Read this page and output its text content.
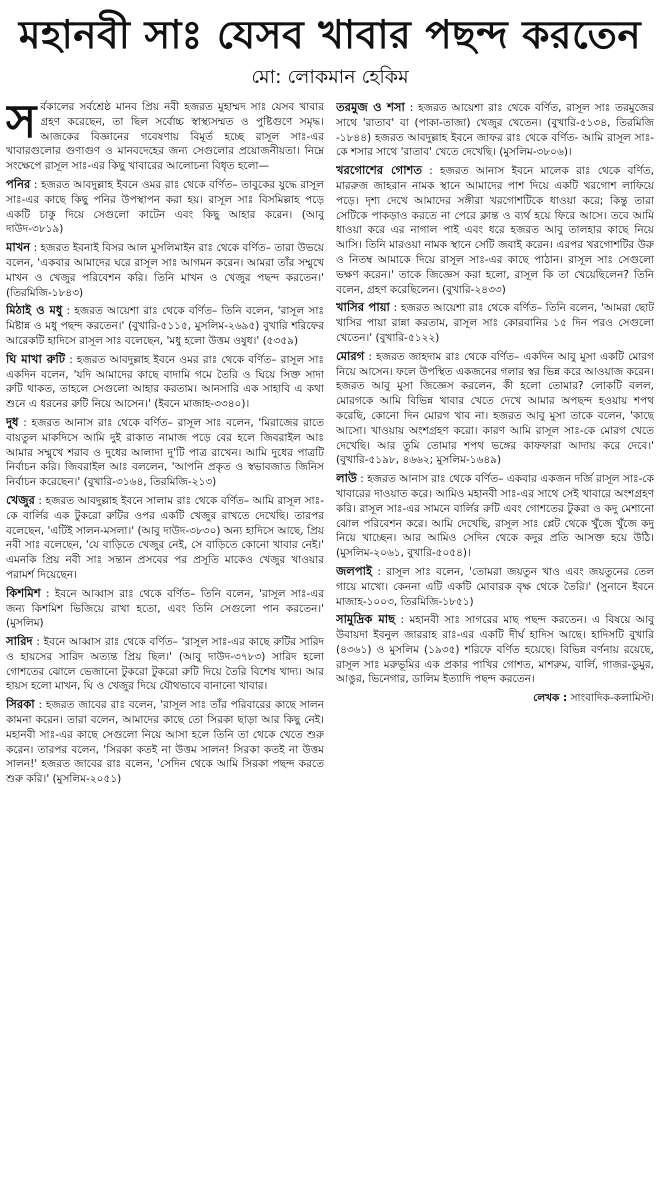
মহানবী সাঃ যেসব খাবার পছন্দ করতেন
মো: লোকমান হেকিম

সর্বকালের সর্বশ্রেষ্ঠ মানব প্রিয় নবী হজরত মুহাম্মদ সাঃ যেসব খাবার গ্রহণ করেছেন, তা ছিল সর্বোচ্চ স্বাস্থ্যসম্মত ও পুষ্টিগুণে সমৃদ্ধ। আজকের বিজ্ঞানের গবেষণায় বিমূর্ত হচ্ছে রাসূল সাঃ-এর খাবারগুলোর গুণাগুণ ও মানবদেহের জন্য সেগুলোর প্রয়োজনীয়তা। নিম্নে সংক্ষেপে রাসূল সাঃ-এর কিছু খাবারের আলোচনা বিধৃত হলো—

পনির : হজরত আবদুল্লাহ ইবনে ওমর রাঃ থেকে বর্ণিত– তাবুকের যুদ্ধে রাসূল সাঃ-এর কাছে কিছু পনির উপস্থাপন করা হয়। রাসূল সাঃ বিসমিল্লাহ পড়ে একটি চাকু দিয়ে সেগুলো কাটেন এবং কিছু আহার করেন। (আবু দাউদ-৩৮১৯)

মাখন : হজরত ইবনাই বিসর আল মুসলিমাইন রাঃ থেকে বর্ণিত– তারা উভয়ে বলেন, 'একবার আমাদের ঘরে রাসূল সাঃ আগমন করেন। আমরা তাঁর সম্মুখে মাখন ও খেজুর পরিবেশন করি। তিনি মাখন ও খেজুর পছন্দ করতেন।' (তিরমিজি-১৮৪৩)

মিঠাই ও মধু : হজরত আয়েশা রাঃ থেকে বর্ণিত– তিনি বলেন, 'রাসূল সাঃ মিষ্টান্ন ও মধু পছন্দ করতেন।' (বুখারি-৫১১৫, মুসলিম-২৬৯৫) বুখারি শরিফের আরেকটি হাদিসে রাসূল সাঃ বলেছেন, 'মধু হলো উত্তম ওষুধ।' (৫৩৫৯)

ঘি মাখা রুটি : হজরত আবদুল্লাহ ইবনে ওমর রাঃ থেকে বর্ণিত– রাসূল সাঃ একদিন বলেন, 'যদি আমাদের কাছে বাদামি গমে তৈরি ও ঘিয়ে সিক্ত সাদা রুটি থাকত, তাহলে সেগুলো আহার করতাম। আনসারি এক সাহাবি এ কথা শুনে এ ধরনের রুটি নিয়ে আসেন।' (ইবনে মাজাহ-৩৩৪০)।

দুধ : হজরত আনাস রাঃ থেকে বর্ণিত– রাসূল সাঃ বলেন, 'মিরাজের রাতে বায়তুল মাকদিসে আমি দুই রাকাত নামাজ পড়ে বের হলে জিবরাইল আঃ আমার সম্মুখে শরাব ও দুধের আলাদা দু'টি পাত্র রাখেন। আমি দুধের পাত্রটি নির্বাচন করি। জিবরাইল আঃ বললেন, 'আপনি প্রকৃত ও স্বভাবজাত জিনিস নির্বাচন করেছেন।' (বুখারি-৩১৬৪, তিরমিজি-২১৩)

খেজুর : হজরত আবদুল্লাহ ইবনে সালাম রাঃ থেকে বর্ণিত– আমি রাসূল সাঃ-কে বার্লির এক টুকরো রুটির ওপর একটি খেজুর রাখতে দেখেছি। তারপর বলেছেন, 'এটিই সালন-মসলা।' (আবু দাউদ-৩৮৩০) অন্য হাদিসে আছে, প্রিয় নবী সাঃ বলেছেন, 'যে বাড়িতে খেজুর নেই, সে বাড়িতে কোনো খাবার নেই।' এমনকি প্রিয় নবী সাঃ সন্তান প্রসবের পর প্রসূতি মাকেও খেজুর খাওয়ার পরামর্শ দিয়েছেন।

কিশমিশ : ইবনে আব্বাস রাঃ থেকে বর্ণিত– তিনি বলেন, 'রাসূল সাঃ-এর জন্য কিশমিশ ভিজিয়ে রাখা হতো, এবং তিনি সেগুলো পান করতেন।' (মুসলিম)

সারিদ : ইবনে আব্বাস রাঃ থেকে বর্ণিত– 'রাসূল সাঃ-এর কাছে রুটির সারিদ ও হায়সের সারিদ অত্যন্ত প্রিয় ছিল।' (আবু দাউদ-৩৭৮৩) সারিদ হলো গোশতের ঝোলে ভেজানো টুকরো টুকরো রুটি দিয়ে তৈরি বিশেষ খাদ্য। আর হায়স হলো মাখন, ঘি ও খেজুর দিয়ে যৌথভাবে বানানো খাবার।

সিরকা : হজরত জাবের রাঃ বলেন, 'রাসূল সাঃ তাঁর পরিবারের কাছে সালন কামনা করেন। তারা বলেন, আমাদের কাছে তো সিরকা ছাড়া আর কিছু নেই। মহানবী সাঃ-এর কাছে সেগুলো নিয়ে আসা হলে তিনি তা থেকে খেতে শুরু করেন। তারপর বলেন, 'সিরকা কতই না উত্তম সালন! সিরকা কতই না উত্তম সালন!' হজরত জাবের রাঃ বলেন, 'সেদিন থেকে আমি সিরকা পছন্দ করতে শুরু করি।' (মুসলিম-২০৫১)

তরমুজ ও শসা : হজরত আয়েশা রাঃ থেকে বর্ণিত, রাসূল সাঃ তরমুজের সাথে 'রাতাব' বা (পাকা-তাজা) খেজুর খেতেন। (বুখারি-৫১৩৪, তিরমিজি -১৮৪৪) হজরত আবদুল্লাহ ইবনে জাফর রাঃ থেকে বর্ণিত- আমি রাসূল সাঃ-কে শসার সাথে 'রাতাব' খেতে দেখেছি। (মুসলিম-৩৮০৬)।

খরগোশের গোশত : হজরত আনাস ইবনে মালেক রাঃ থেকে বর্ণিত, মাররুজ জাহরান নামক স্থানে আমাদের পাশ দিয়ে একটি খরগোশ লাফিয়ে পড়ে। দৃশ্য দেখে আমাদের সঙ্গীরা খরগোশটিকে ধাওয়া করে; কিন্তু তারা সেটিকে পাকড়াও করতে না পেরে ক্লান্ত ও ব্যর্থ হয়ে ফিরে আসে। তবে আমি ধাওয়া করে এর নাগাল পাই এবং ধরে হজরত আবু তালহার কাছে নিয়ে আসি। তিনি মারওয়া নামক স্থানে সেটি জবাই করেন। এরপর খরগোশটির উরু ও নিতম্ব আমাকে দিয়ে রাসূল সাঃ-এর কাছে পাঠান। রাসূল সাঃ সেগুলো ভক্ষণ করেন।' তাকে জিজ্ঞেস করা হলো, রাসূল কি তা খেয়েছিলেন? তিনি বলেন, গ্রহণ করেছিলেন। (বুখারি-২৪৩৩)

খাসির পায়া : হজরত আয়েশা রাঃ থেকে বর্ণিত– তিনি বলেন, 'আমরা ছোট খাসির পায়া রান্না করতাম, রাসূল সাঃ কোরবানির ১৫ দিন পরও সেগুলো খেতেন।' (বুখারি-৫১২২)

মোরগ : হজরত জাহদাম রাঃ থেকে বর্ণিত– একদিন আবু মুসা একটি মোরগ নিয়ে আসেন। ফলে উপস্থিত একজনের গলার স্বর ভিন্ন করে আওয়াজ করেন। হজরত আবু মুসা জিজ্ঞেস করলেন, কী হলো তোমার? লোকটি বলল, মোরগকে আমি বিভিন্ন খাবার খেতে দেখে আমার অপছন্দ হওয়ায় শপথ করেছি, কোনো দিন মোরগ খাব না। হজরত আবু মুসা তাকে বলেন, 'কাছে আসো। খাওয়ায় অংশগ্রহণ করো। কারণ আমি রাসূল সাঃ-কে মোরগ খেতে দেখেছি। আর তুমি তোমার শপথ ভঙ্গের কাফফারা আদায় করে দেবে।' (বুখারি-৫১৯৮, ৪৬৬২; মুসলিম-১৬৪৯)

লাউ : হজরত আনাস রাঃ থেকে বর্ণিত– একবার একজন দর্জি রাসূল সাঃ-কে খাবারের দাওয়াত করে। আমিও মহানবী সাঃ-এর সাথে সেই খাবারে অংশগ্রহণ করি। রাসূল সাঃ-এর সামনে বার্লির রুটি এবং গোশতের টুকরা ও কদু মেশানো ঝোল পরিবেশন করে। আমি দেখেছি, রাসূল সাঃ প্লেট থেকে খুঁজে খুঁজে কদু নিয়ে খাচ্ছেন। আর আমিও সেদিন থেকে কদুর প্রতি আসক্ত হয়ে উঠি। (মুসলিম-২০৬১, বুখারি-৫০৫৪)।

জলপাই : রাসূল সাঃ বলেন, 'তোমরা জয়তুন খাও এবং জয়তুনের তেল গায়ে মাখো। কেননা এটি একটি মোবারক বৃক্ষ থেকে তৈরি।' (সুনানে ইবনে মাজাহ-১০০৩, তিরমিজি-১৮৫১)

সামুদ্রিক মাছ : মহানবী সাঃ সাগরের মাছ পছন্দ করতেন। এ বিষয়ে আবু উবায়দা ইবনুল জাররাহ রাঃ-এর একটি দীর্ঘ হাদিস আছে। হাদিসটি বুখারি (৪৩৬১) ও মুসলিম (১৯৩৫) শরিফে বর্ণিত হয়েছে। বিভিন্ন বর্ণনায় রয়েছে, রাসূল সাঃ মরুভূমির এক প্রকার পাখির গোশত, মাশরুম, বার্লি, গাজর-ডুমুর, আঙুর, ভিনেগার, ডালিম ইত্যাদি পছন্দ করতেন।

লেখক : সাংবাদিক-কলামিস্ট।
